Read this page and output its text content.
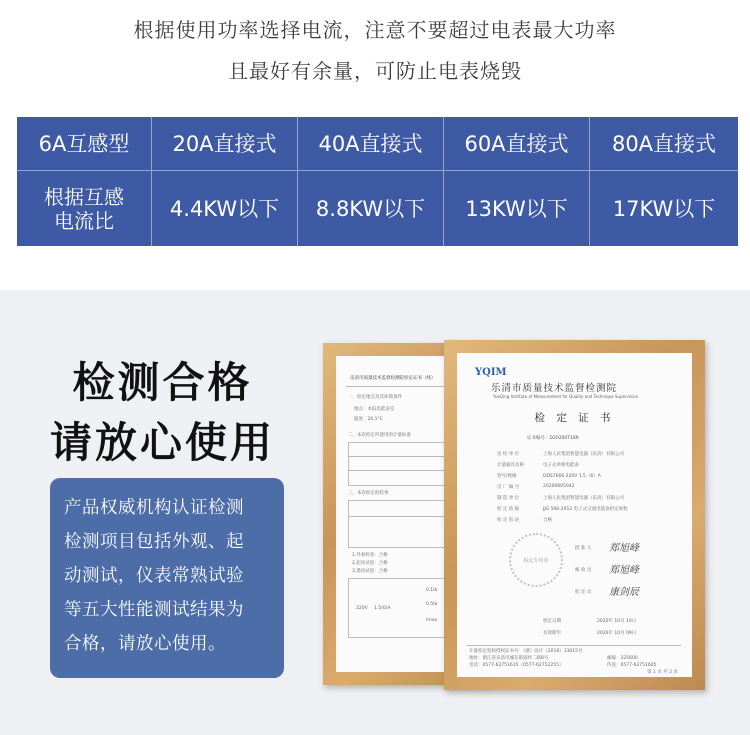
根据使用功率选择电流，注意不要超过电表最大功率
且最好有余量，可防止电表烧毁
6A互感型	20A直接式	40A直接式	60A直接式	80A直接式
根据互感
电流比	4.4KW以下	8.8KW以下	13KW以下	17KW以下
检测合格
请放心使用
产品权威机构认证检测
检测项目包括外观、起
动测试，仪表常熟试验
等五大性能测试结果为
合格，请放心使用。
乐清市质量技术监督检测院检定证书（续）
一、检定地点及其环境条件
地点：本院电能表室
温度：20.1°C
二、本次检定所使用的计量标准
三、本次检定的结果
1.外观检查：合格
2.起动试验：合格
3.潜动试验：合格
220V 1.5(6)A
0.1Ib
0.5Ib
Imax
YQIM
乐清市质量技术监督检测院
YueQing Institute of Measurement for Quality and Technique Supervision
检 定 证 书
证书编号：D20200T189
送 检 单 位	上海人民集团智能电器（乐清）有限公司
计量器具名称	电子式单相电能表
型号/规格	DDS7666 220V 1.5（6）A
出 厂 编 号	20200605042
制 造 单 位	上海人民集团智能电器（乐清）有限公司
检 定 依 据	JJG 596-2012 电子式交流电能表检定规程
检 定 结 论	合格
检定专用章
批 准 人 郑旭峰
核 验 员 郑旭峰
检 定 员 康剑辰
检定日期	2020年 10月 10日
有效期至	2026年 10月 09日
计量检定机构授权证书号：（浙）法计（2018）13015号
地址：浙江省乐清市城东街道经二路8号
电话：0577-62751615（0577-62752255）
邮编：325600
传真：0577-62751605
第 1 页 共 2 页
